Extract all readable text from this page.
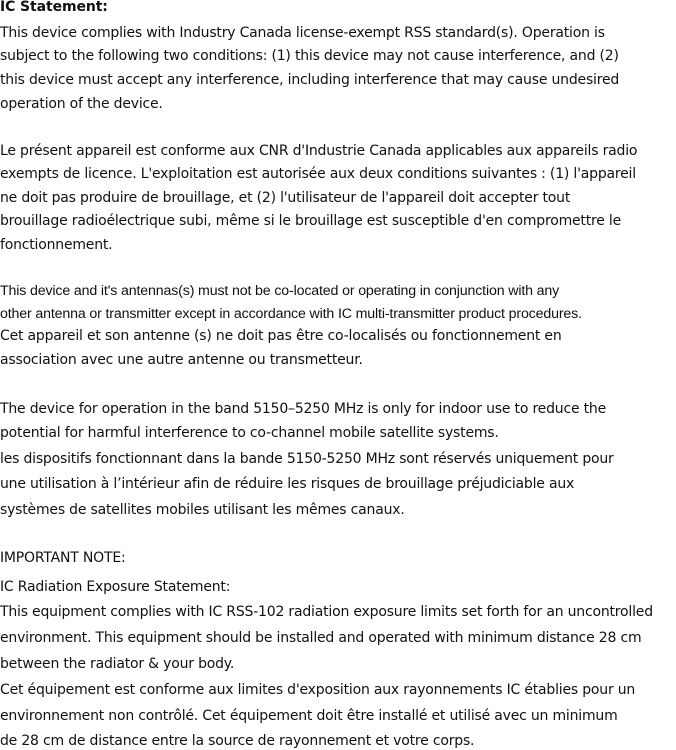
IC Statement:
This device complies with Industry Canada license-exempt RSS standard(s). Operation is
subject to the following two conditions: (1) this device may not cause interference, and (2)
this device must accept any interference, including interference that may cause undesired
operation of the device.
Le présent appareil est conforme aux CNR d'Industrie Canada applicables aux appareils radio
exempts de licence. L'exploitation est autorisée aux deux conditions suivantes : (1) l'appareil
ne doit pas produire de brouillage, et (2) l'utilisateur de l'appareil doit accepter tout
brouillage radioélectrique subi, même si le brouillage est susceptible d'en compromettre le
fonctionnement.
This device and it's antennas(s) must not be co-located or operating in conjunction with any
other antenna or transmitter except in accordance with IC multi-transmitter product procedures.
Cet appareil et son antenne (s) ne doit pas être co-localisés ou fonctionnement en
association avec une autre antenne ou transmetteur.
The device for operation in the band 5150–5250 MHz is only for indoor use to reduce the
potential for harmful interference to co-channel mobile satellite systems.
les dispositifs fonctionnant dans la bande 5150-5250 MHz sont réservés uniquement pour
une utilisation à l’intérieur afin de réduire les risques de brouillage préjudiciable aux
systèmes de satellites mobiles utilisant les mêmes canaux.
IMPORTANT NOTE:
IC Radiation Exposure Statement:
This equipment complies with IC RSS-102 radiation exposure limits set forth for an uncontrolled
environment. This equipment should be installed and operated with minimum distance 28 cm
between the radiator & your body.
Cet équipement est conforme aux limites d'exposition aux rayonnements IC établies pour un
environnement non contrôlé. Cet équipement doit être installé et utilisé avec un minimum
de 28 cm de distance entre la source de rayonnement et votre corps.
